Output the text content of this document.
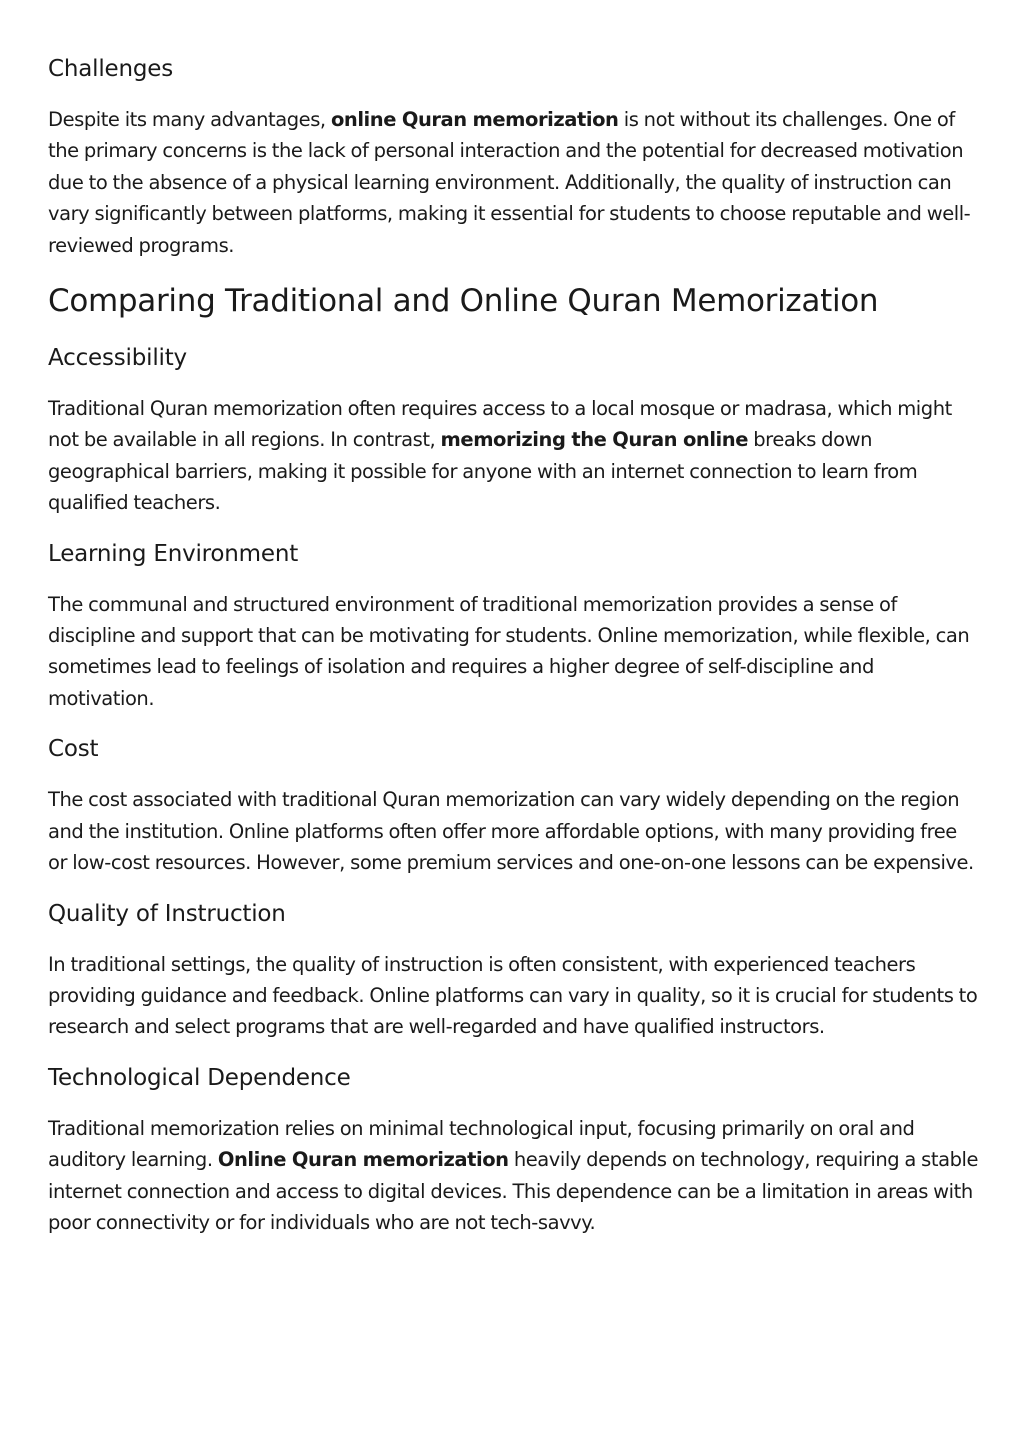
Challenges

Despite its many advantages, online Quran memorization is not without its challenges. One of the primary concerns is the lack of personal interaction and the potential for decreased motivation due to the absence of a physical learning environment. Additionally, the quality of instruction can vary significantly between platforms, making it essential for students to choose reputable and well-reviewed programs.

Comparing Traditional and Online Quran Memorization
Accessibility

Traditional Quran memorization often requires access to a local mosque or madrasa, which might not be available in all regions. In contrast, memorizing the Quran online breaks down geographical barriers, making it possible for anyone with an internet connection to learn from qualified teachers.

Learning Environment

The communal and structured environment of traditional memorization provides a sense of discipline and support that can be motivating for students. Online memorization, while flexible, can sometimes lead to feelings of isolation and requires a higher degree of self-discipline and motivation.

Cost

The cost associated with traditional Quran memorization can vary widely depending on the region and the institution. Online platforms often offer more affordable options, with many providing free or low-cost resources. However, some premium services and one-on-one lessons can be expensive.

Quality of Instruction

In traditional settings, the quality of instruction is often consistent, with experienced teachers providing guidance and feedback. Online platforms can vary in quality, so it is crucial for students to research and select programs that are well-regarded and have qualified instructors.

Technological Dependence

Traditional memorization relies on minimal technological input, focusing primarily on oral and auditory learning. Online Quran memorization heavily depends on technology, requiring a stable internet connection and access to digital devices. This dependence can be a limitation in areas with poor connectivity or for individuals who are not tech-savvy.
